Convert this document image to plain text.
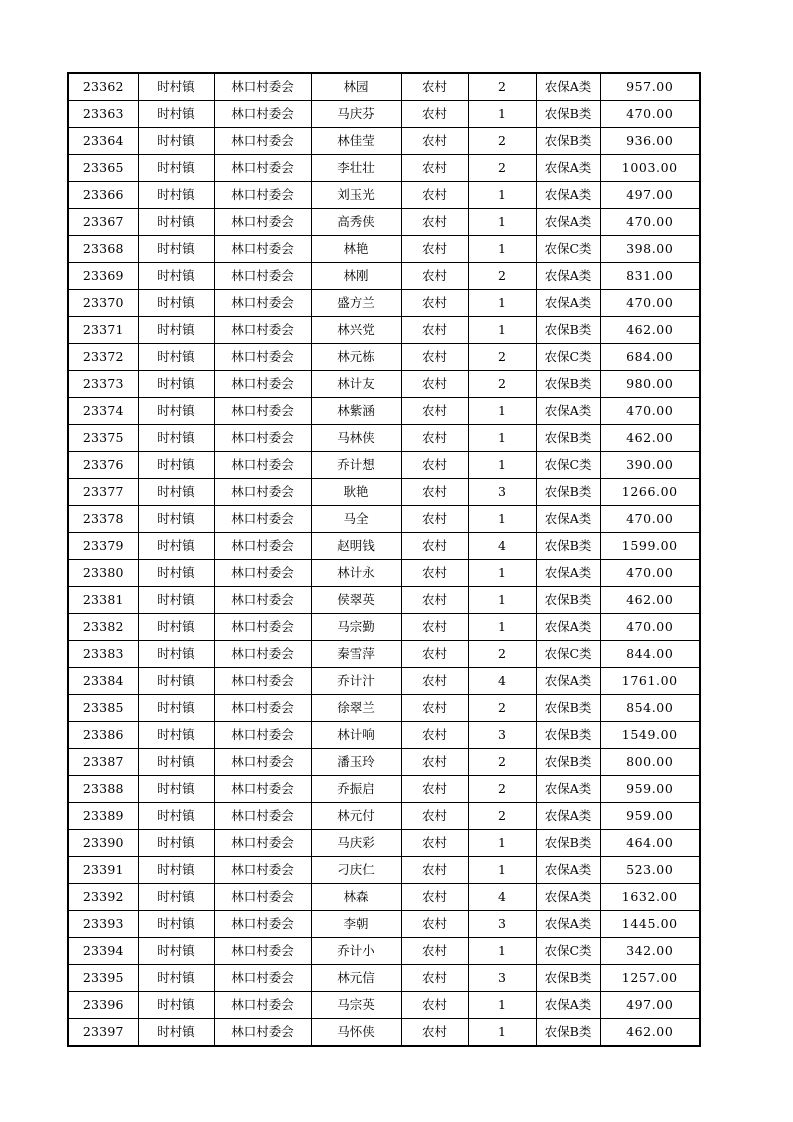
23362	时村镇	林口村委会	林园	农村	2	农保A类	957.00
23363	时村镇	林口村委会	马庆芬	农村	1	农保B类	470.00
23364	时村镇	林口村委会	林佳莹	农村	2	农保B类	936.00
23365	时村镇	林口村委会	李壮壮	农村	2	农保A类	1003.00
23366	时村镇	林口村委会	刘玉光	农村	1	农保A类	497.00
23367	时村镇	林口村委会	高秀侠	农村	1	农保A类	470.00
23368	时村镇	林口村委会	林艳	农村	1	农保C类	398.00
23369	时村镇	林口村委会	林刚	农村	2	农保A类	831.00
23370	时村镇	林口村委会	盛方兰	农村	1	农保A类	470.00
23371	时村镇	林口村委会	林兴党	农村	1	农保B类	462.00
23372	时村镇	林口村委会	林元栋	农村	2	农保C类	684.00
23373	时村镇	林口村委会	林计友	农村	2	农保B类	980.00
23374	时村镇	林口村委会	林紫涵	农村	1	农保A类	470.00
23375	时村镇	林口村委会	马林侠	农村	1	农保B类	462.00
23376	时村镇	林口村委会	乔计想	农村	1	农保C类	390.00
23377	时村镇	林口村委会	耿艳	农村	3	农保B类	1266.00
23378	时村镇	林口村委会	马全	农村	1	农保A类	470.00
23379	时村镇	林口村委会	赵明钱	农村	4	农保B类	1599.00
23380	时村镇	林口村委会	林计永	农村	1	农保A类	470.00
23381	时村镇	林口村委会	侯翠英	农村	1	农保B类	462.00
23382	时村镇	林口村委会	马宗勤	农村	1	农保A类	470.00
23383	时村镇	林口村委会	秦雪萍	农村	2	农保C类	844.00
23384	时村镇	林口村委会	乔计汁	农村	4	农保A类	1761.00
23385	时村镇	林口村委会	徐翠兰	农村	2	农保B类	854.00
23386	时村镇	林口村委会	林计响	农村	3	农保B类	1549.00
23387	时村镇	林口村委会	潘玉玲	农村	2	农保B类	800.00
23388	时村镇	林口村委会	乔振启	农村	2	农保A类	959.00
23389	时村镇	林口村委会	林元付	农村	2	农保A类	959.00
23390	时村镇	林口村委会	马庆彩	农村	1	农保B类	464.00
23391	时村镇	林口村委会	刁庆仁	农村	1	农保A类	523.00
23392	时村镇	林口村委会	林森	农村	4	农保A类	1632.00
23393	时村镇	林口村委会	李朝	农村	3	农保A类	1445.00
23394	时村镇	林口村委会	乔计小	农村	1	农保C类	342.00
23395	时村镇	林口村委会	林元信	农村	3	农保B类	1257.00
23396	时村镇	林口村委会	马宗英	农村	1	农保A类	497.00
23397	时村镇	林口村委会	马怀侠	农村	1	农保B类	462.00
